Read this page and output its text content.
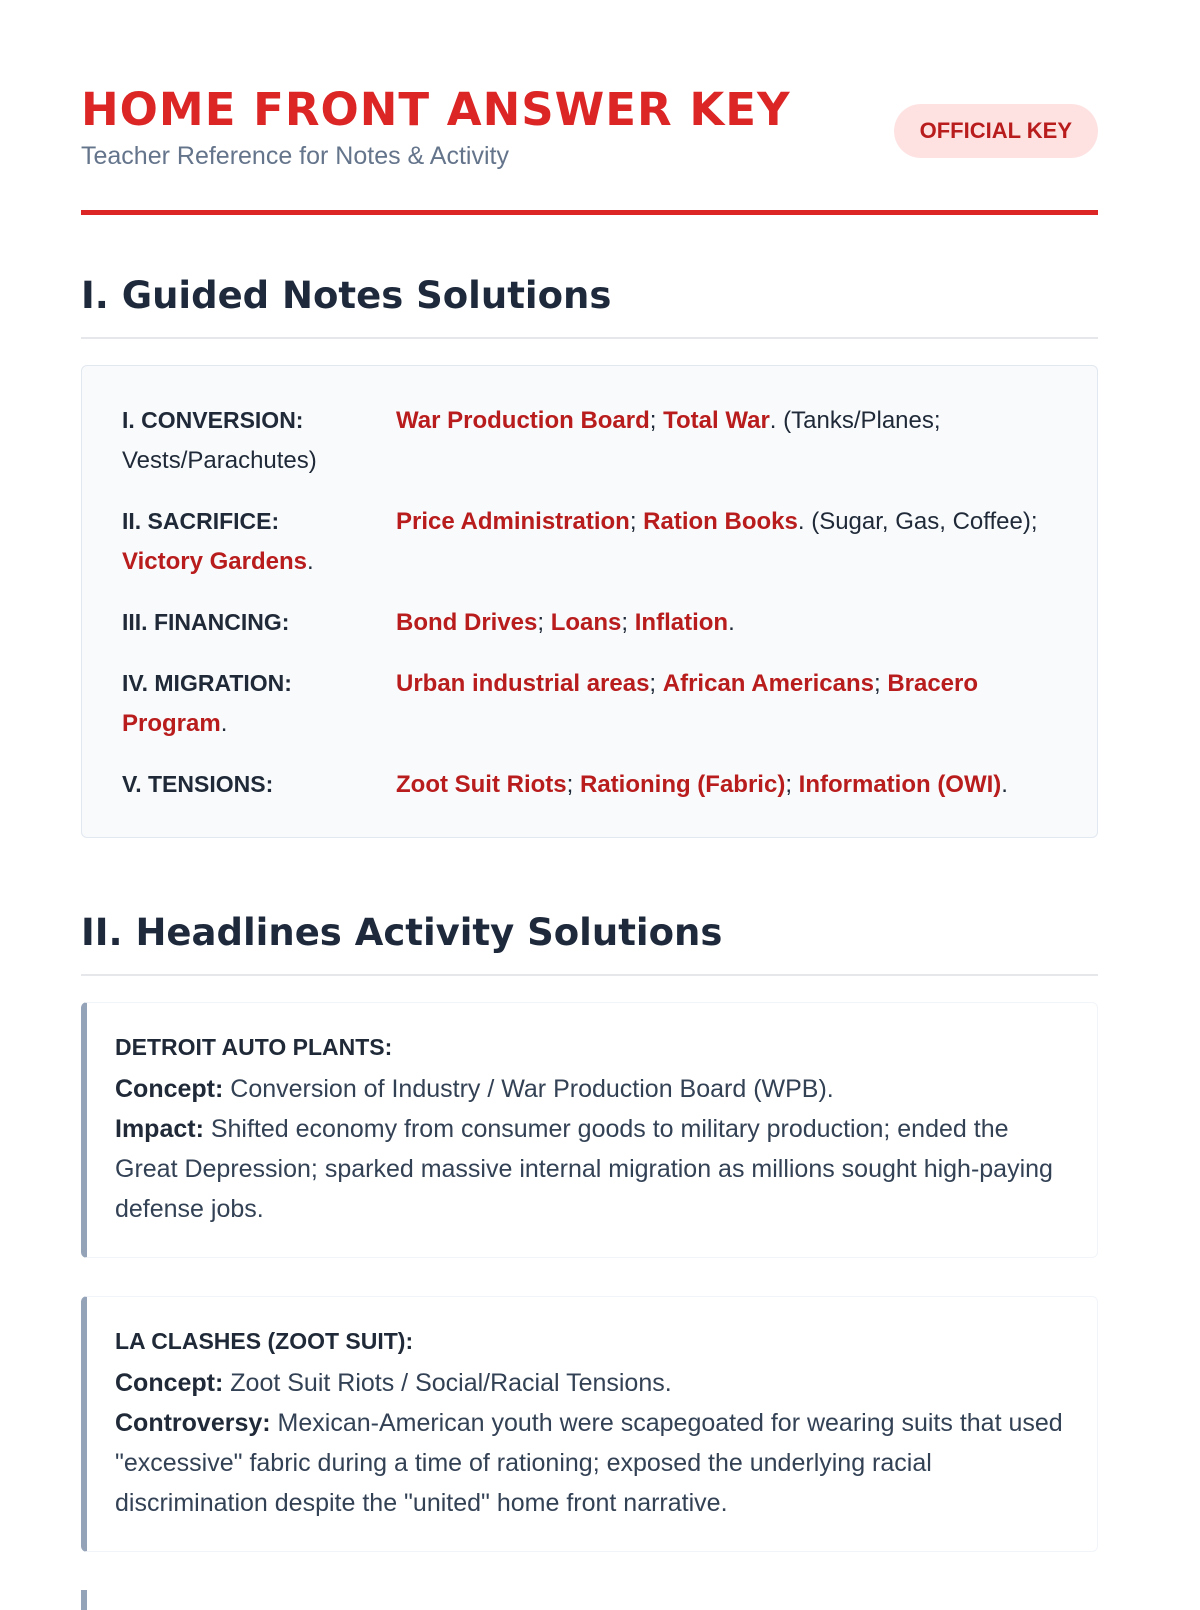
HOME FRONT ANSWER KEY
Teacher Reference for Notes & Activity
OFFICIAL KEY
I. Guided Notes Solutions
I. CONVERSION:	War Production Board; Total War. (Tanks/Planes; Vests/Parachutes)
II. SACRIFICE:	Price Administration; Ration Books. (Sugar, Gas, Coffee); Victory Gardens.
III. FINANCING:	Bond Drives; Loans; Inflation.
IV. MIGRATION:	Urban industrial areas; African Americans; Bracero Program.
V. TENSIONS:	Zoot Suit Riots; Rationing (Fabric); Information (OWI).
II. Headlines Activity Solutions
DETROIT AUTO PLANTS:
Concept: Conversion of Industry / War Production Board (WPB).
Impact: Shifted economy from consumer goods to military production; ended the Great Depression; sparked massive internal migration as millions sought high-paying defense jobs.
LA CLASHES (ZOOT SUIT):
Concept: Zoot Suit Riots / Social/Racial Tensions.
Controversy: Mexican-American youth were scapegoated for wearing suits that used "excessive" fabric during a time of rationing; exposed the underlying racial discrimination despite the "united" home front narrative.
